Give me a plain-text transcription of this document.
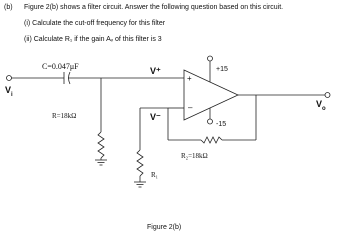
(b) Figure 2(b) shows a filter circuit. Answer the following question based on this circuit.
(i) Calculate the cut-off frequency for this filter
(ii) Calculate R₁ if the gain Aᵥ of this filter is 3
C=0.047μF
R=18kΩ
R₂=18kΩ
R₁
V⁺
V⁻
+
–
+15
-15
$V_i$
$V_o$
Figure 2(b)
